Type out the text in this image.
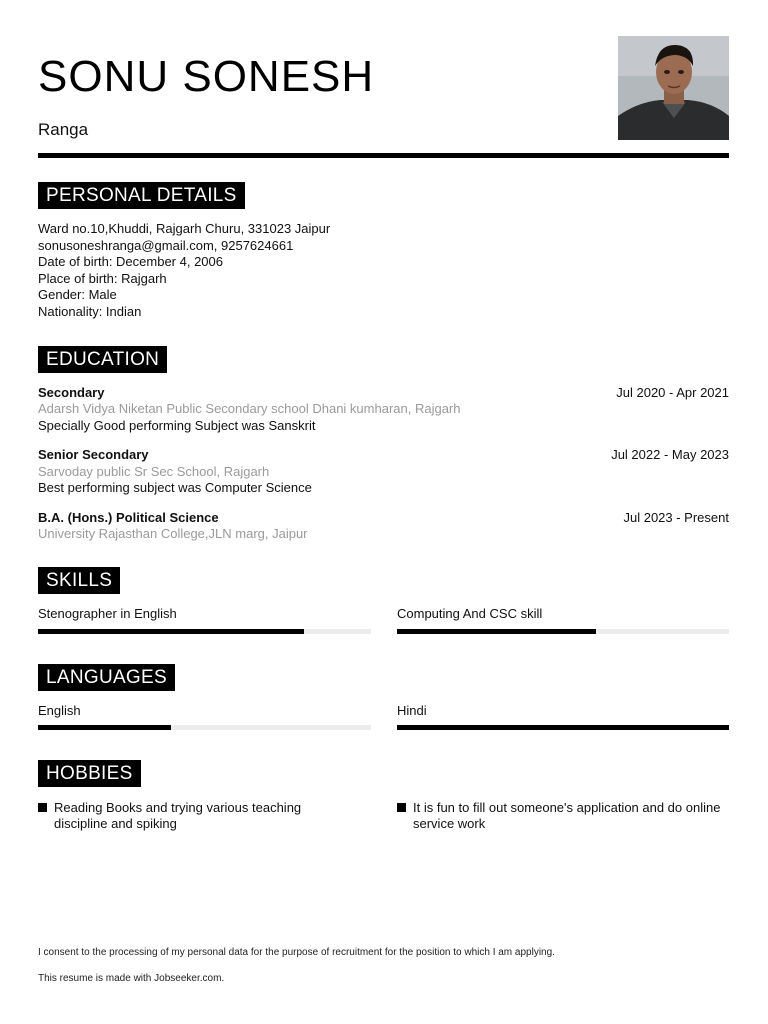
SONU SONESH
Ranga
PERSONAL DETAILS
Ward no.10,Khuddi, Rajgarh Churu, 331023 Jaipur
sonusoneshranga@gmail.com, 9257624661
Date of birth: December 4, 2006
Place of birth: Rajgarh
Gender: Male
Nationality: Indian
EDUCATION
Secondary	Jul 2020 - Apr 2021
Adarsh Vidya Niketan Public Secondary school Dhani kumharan, Rajgarh
Specially Good performing Subject was Sanskrit
Senior Secondary	Jul 2022 - May 2023
Sarvoday public Sr Sec School, Rajgarh
Best performing subject was Computer Science
B.A. (Hons.) Political Science	Jul 2023 - Present
University Rajasthan College,JLN marg, Jaipur
SKILLS
Stenographer in English	Computing And CSC skill
LANGUAGES
English	Hindi
HOBBIES
Reading Books and trying various teaching discipline and spiking
It is fun to fill out someone's application and do online service work
I consent to the processing of my personal data for the purpose of recruitment for the position to which I am applying.
This resume is made with Jobseeker.com.
